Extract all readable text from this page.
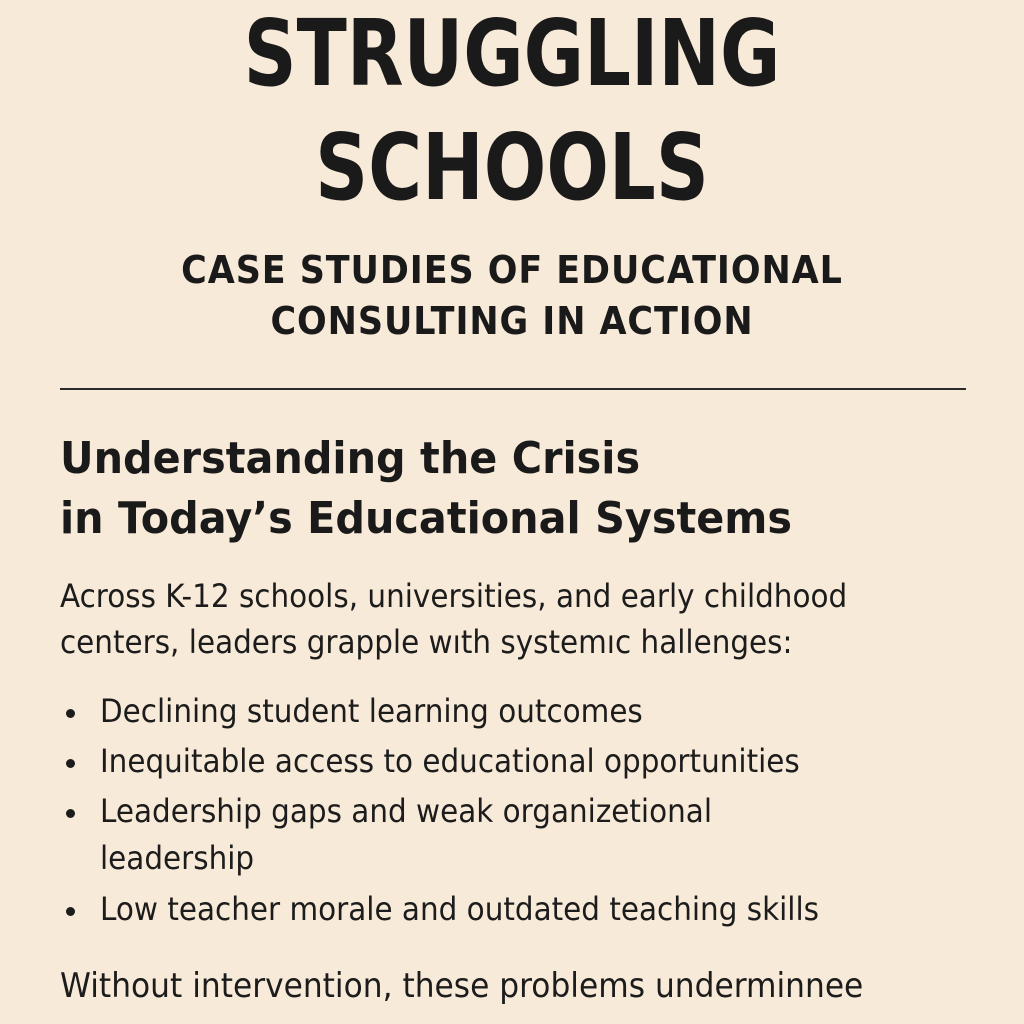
STRUGGLING
SCHOOLS
CASE STUDIES OF EDUCATIONAL
CONSULTING IN ACTION
Understanding the Crisis
in Today’s Educational Systems
Across K-12 schools, universities, and early childhood
centers, leaders grapple wıth systemıc hallenges:
Declining student learning outcomes
Inequitable access to educational opportunities
Leadership gaps and weak organizetional
leadership
Low teacher morale and outdated teaching skills
Without intervention, these problems underminnee
